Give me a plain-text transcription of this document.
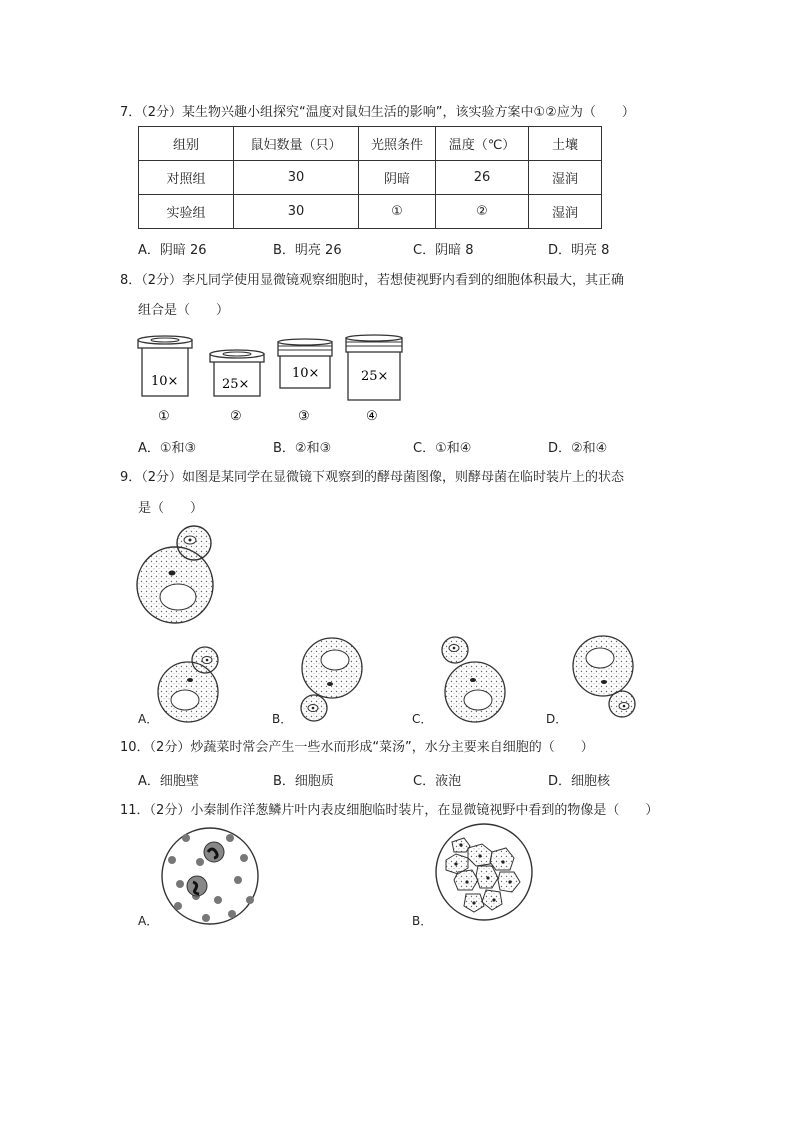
7．（2分）某生物兴趣小组探究“温度对鼠妇生活的影响”，该实验方案中①②应为（　　）
组别	鼠妇数量（只）	光照条件	温度（℃）	土壤
对照组	30	阴暗	26	湿润
实验组	30	①	②	湿润
A．阴暗 26	B．明亮 26	C．阴暗 8	D．明亮 8
8．（2分）李凡同学使用显微镜观察细胞时，若想使视野内看到的细胞体积最大，其正确
组合是（　　）
10×	25×
10×	25×
①	②	③	④
A．①和③	B．②和③	C．①和④	D．②和④
9．（2分）如图是某同学在显微镜下观察到的酵母菌图像，则酵母菌在临时装片上的状态
是（　　）
A．	B．	C．	D．
10．（2分）炒蔬菜时常会产生一些水而形成“菜汤”，水分主要来自细胞的（　　）
A．细胞壁	B．细胞质	C．液泡	D．细胞核
11．（2分）小秦制作洋葱鳞片叶内表皮细胞临时装片，在显微镜视野中看到的物像是（　　）
A．	B．
